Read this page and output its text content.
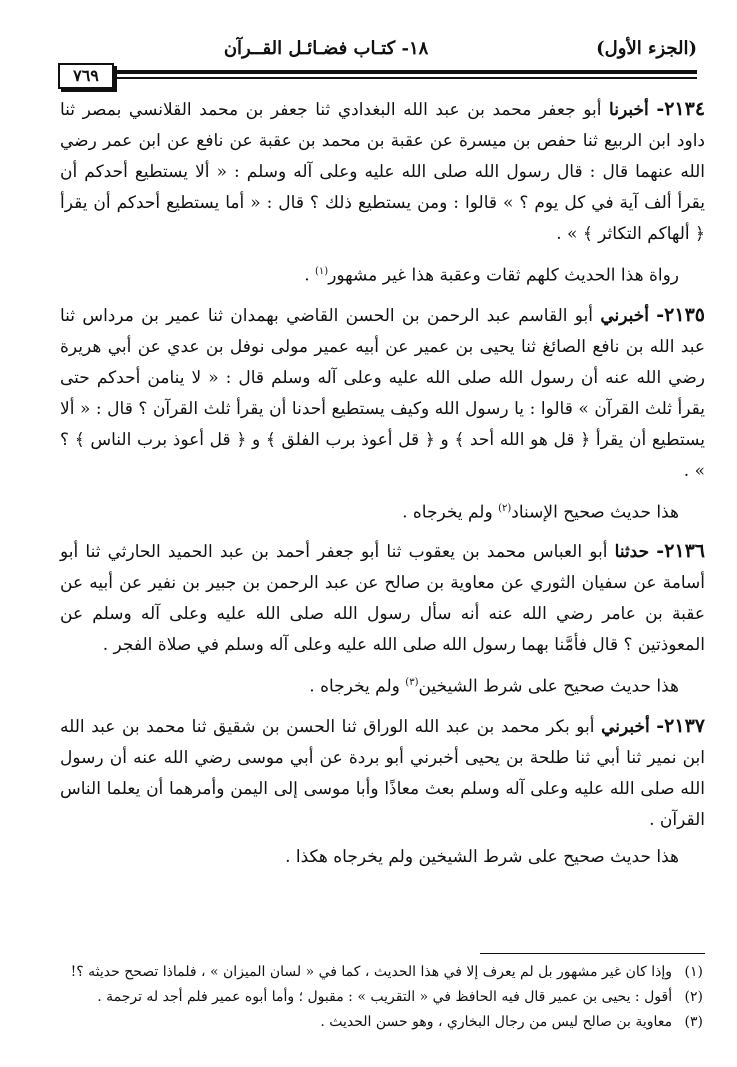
(الجزء الأول)
١٨- كتـاب فضـائـل القــرآن
٧٦٩

٢١٣٤- أخبرنا أبو جعفر محمد بن عبد الله البغدادي ثنا جعفر بن محمد القلانسي بمصر ثنا داود ابن الربيع ثنا حفص بن ميسرة عن عقبة بن محمد بن عقبة عن نافع عن ابن عمر رضي الله عنهما قال : قال رسول الله صلى الله عليه وعلى آله وسلم : « ألا يستطيع أحدكم أن يقرأ ألف آية في كل يوم ؟ » قالوا : ومن يستطيع ذلك ؟ قال : « أما يستطيع أحدكم أن يقرأ ﴿ ألهاكم التكاثر ﴾ » .

رواة هذا الحديث كلهم ثقات وعقبة هذا غير مشهور$^{(١)}$ .

٢١٣٥- أخبرني أبو القاسم عبد الرحمن بن الحسن القاضي بهمدان ثنا عمير بن مرداس ثنا عبد الله بن نافع الصائغ ثنا يحيى بن عمير عن أبيه عمير مولى نوفل بن عدي عن أبي هريرة رضي الله عنه أن رسول الله صلى الله عليه وعلى آله وسلم قال : « لا ينامن أحدكم حتى يقرأ ثلث القرآن » قالوا : يا رسول الله وكيف يستطيع أحدنا أن يقرأ ثلث القرآن ؟ قال : « ألا يستطيع أن يقرأ ﴿ قل هو الله أحد ﴾ و ﴿ قل أعوذ برب الفلق ﴾ و ﴿ قل أعوذ برب الناس ﴾ ؟ » .

هذا حديث صحيح الإسناد$^{(٢)}$ ولم يخرجاه .

٢١٣٦- حدثنا أبو العباس محمد بن يعقوب ثنا أبو جعفر أحمد بن عبد الحميد الحارثي ثنا أبو أسامة عن سفيان الثوري عن معاوية بن صالح عن عبد الرحمن بن جبير بن نفير عن أبيه عن عقبة بن عامر رضي الله عنه أنه سأل رسول الله صلى الله عليه وعلى آله وسلم عن المعوذتين ؟ قال فأمَّنا بهما رسول الله صلى الله عليه وعلى آله وسلم في صلاة الفجر .

هذا حديث صحيح على شرط الشيخين$^{(٣)}$ ولم يخرجاه .

٢١٣٧- أخبرني أبو بكر محمد بن عبد الله الوراق ثنا الحسن بن شقيق ثنا محمد بن عبد الله ابن نمير ثنا أبي ثنا طلحة بن يحيى أخبرني أبو بردة عن أبي موسى رضي الله عنه أن رسول الله صلى الله عليه وعلى آله وسلم بعث معاذًا وأبا موسى إلى اليمن وأمرهما أن يعلما الناس القرآن .

هذا حديث صحيح على شرط الشيخين ولم يخرجاه هكذا .

(١) وإذا كان غير مشهور بل لم يعرف إلا في هذا الحديث ، كما في « لسان الميزان » ، فلماذا تصحح حديثه ؟!

(٢) أقول : يحيى بن عمير قال فيه الحافظ في « التقريب » : مقبول ؛ وأما أبوه عمير فلم أجد له ترجمة .

(٣) معاوية بن صالح ليس من رجال البخاري ، وهو حسن الحديث .
